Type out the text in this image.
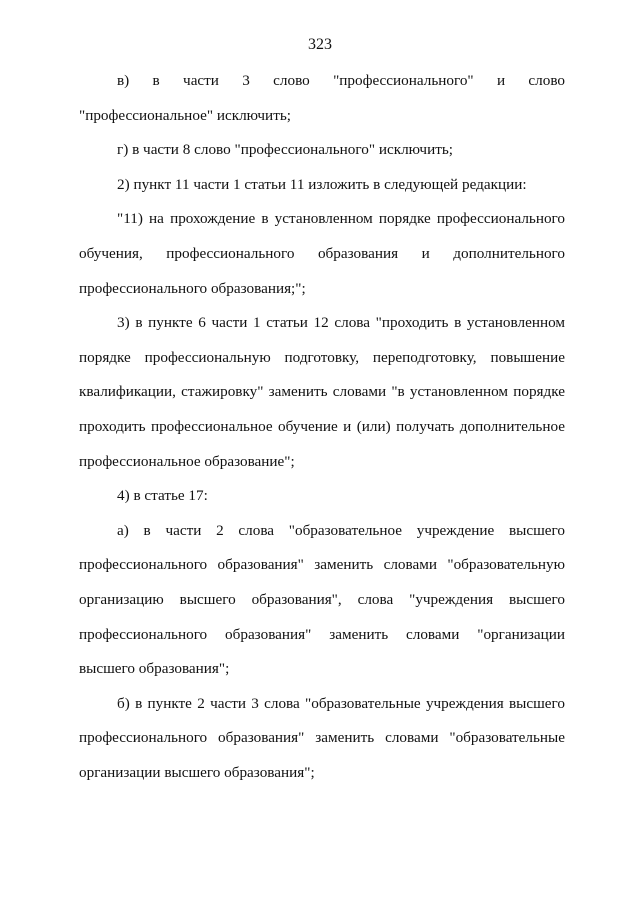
323

в) в части 3 слово "профессионального" и слово "профессиональное" исключить;

г) в части 8 слово "профессионального" исключить;

2) пункт 11 части 1 статьи 11 изложить в следующей редакции:

"11) на прохождение в установленном порядке профессионального обучения, профессионального образования и дополнительного профессионального образования;";

3) в пункте 6 части 1 статьи 12 слова "проходить в установленном порядке профессиональную подготовку, переподготовку, повышение квалификации, стажировку" заменить словами "в установленном порядке проходить профессиональное обучение и (или) получать дополнительное профессиональное образование";

4) в статье 17:

а) в части 2 слова "образовательное учреждение высшего профессионального образования" заменить словами "образовательную организацию высшего образования", слова "учреждения высшего профессионального образования" заменить словами "организации высшего образования";

б) в пункте 2 части 3 слова "образовательные учреждения высшего профессионального образования" заменить словами "образовательные организации высшего образования";
